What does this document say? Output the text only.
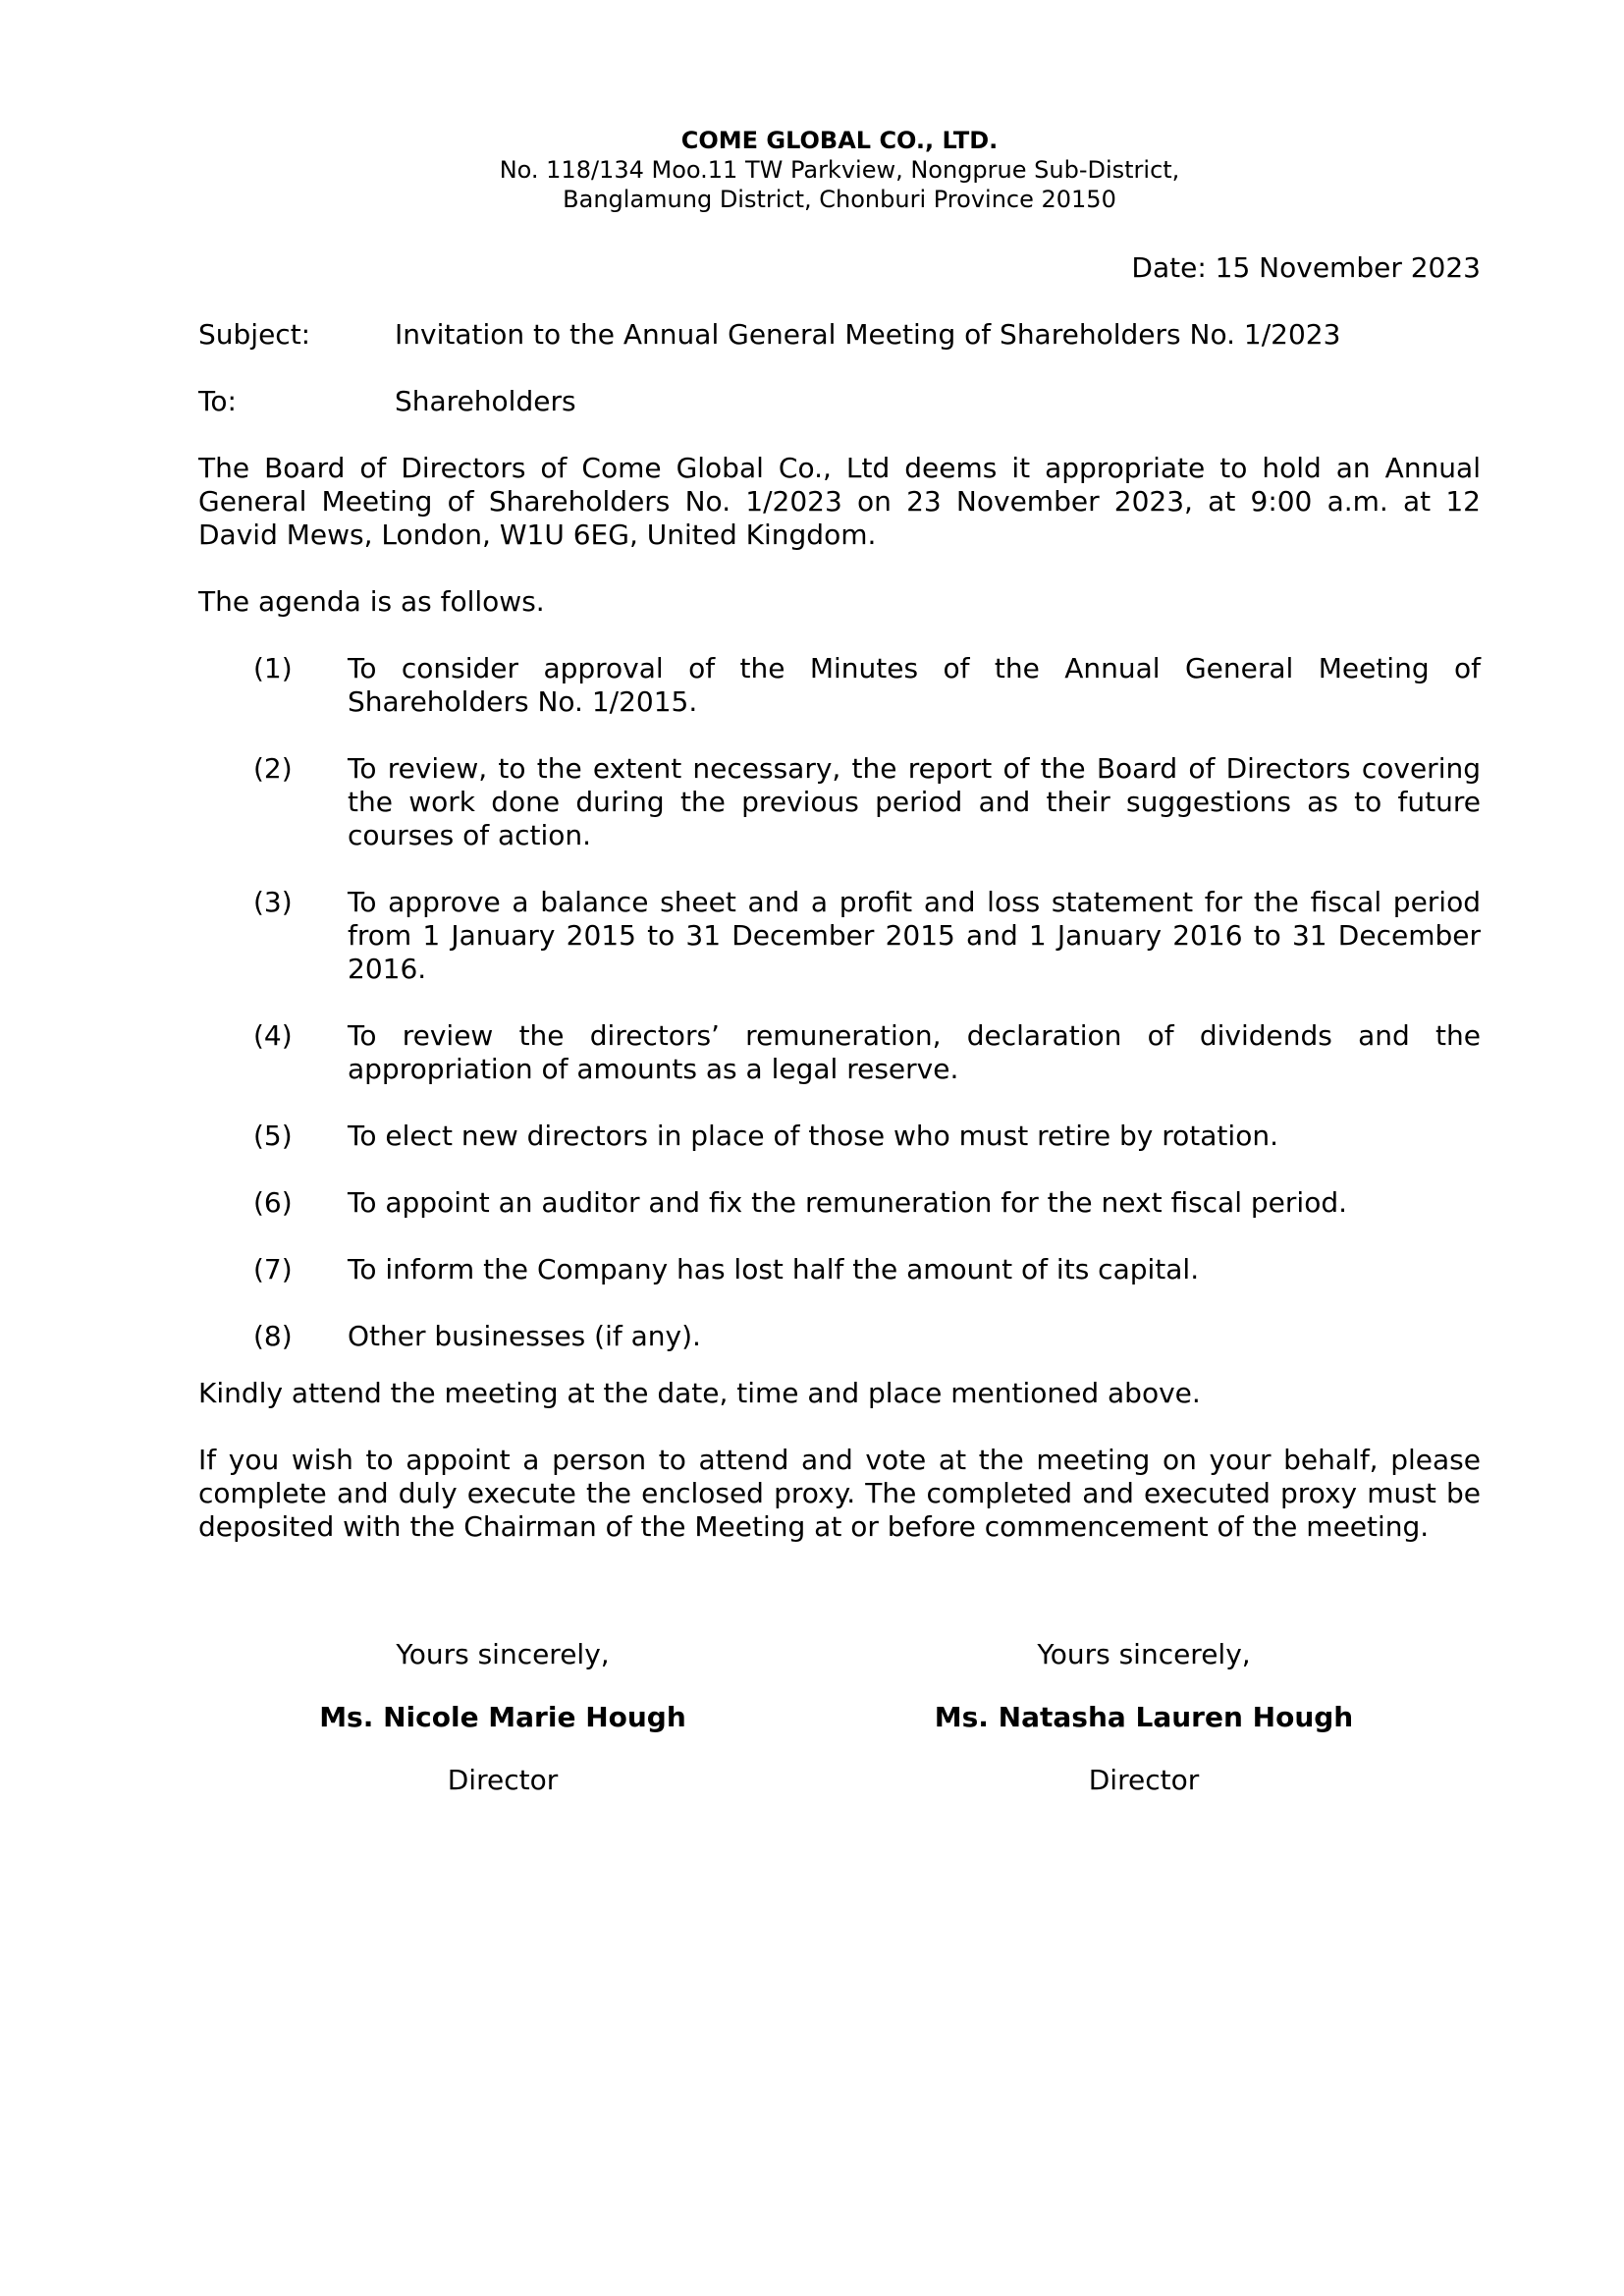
COME GLOBAL CO., LTD.
No. 118/134 Moo.11 TW Parkview, Nongprue Sub-District,
Banglamung District, Chonburi Province 20150
Date: 15 November 2023
Subject:	Invitation to the Annual General Meeting of Shareholders No. 1/2023
To:	Shareholders

The Board of Directors of Come Global Co., Ltd deems it appropriate to hold an Annual General Meeting of Shareholders No. 1/2023 on 23 November 2023, at 9:00 a.m. at 12 David Mews, London, W1U 6EG, United Kingdom.

The agenda is as follows.

(1)	To consider approval of the Minutes of the Annual General Meeting of Shareholders No. 1/2015.
(2)	To review, to the extent necessary, the report of the Board of Directors covering the work done during the previous period and their suggestions as to future courses of action.
(3)	To approve a balance sheet and a profit and loss statement for the fiscal period from 1 January 2015 to 31 December 2015 and 1 January 2016 to 31 December 2016.
(4)	To review the directors’ remuneration, declaration of dividends and the appropriation of amounts as a legal reserve.
(5)	To elect new directors in place of those who must retire by rotation.
(6)	To appoint an auditor and fix the remuneration for the next fiscal period.
(7)	To inform the Company has lost half the amount of its capital.
(8)	Other businesses (if any).

Kindly attend the meeting at the date, time and place mentioned above.

If you wish to appoint a person to attend and vote at the meeting on your behalf, please complete and duly execute the enclosed proxy. The completed and executed proxy must be deposited with the Chairman of the Meeting at or before commencement of the meeting.

Yours sincerely,
Ms. Nicole Marie Hough
Director
Yours sincerely,
Ms. Natasha Lauren Hough
Director
